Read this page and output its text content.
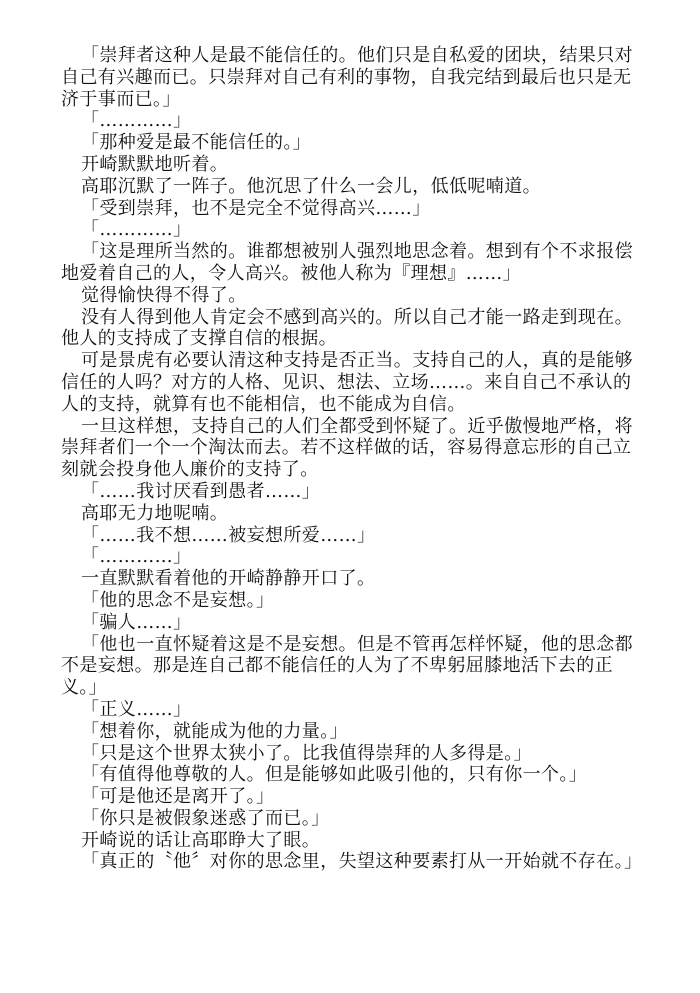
「崇拜者这种人是最不能信任的。他们只是自私爱的团块，结果只对自己有兴趣而已。只崇拜对自己有利的事物，自我完结到最后也只是无济于事而已。」

「…………」

「那种爱是最不能信任的。」

开崎默默地听着。

高耶沉默了一阵子。他沉思了什么一会儿，低低呢喃道。

「受到崇拜，也不是完全不觉得高兴……」

「…………」

「这是理所当然的。谁都想被别人强烈地思念着。想到有个不求报偿地爱着自己的人，令人高兴。被他人称为『理想』……」

觉得愉快得不得了。

没有人得到他人肯定会不感到高兴的。所以自己才能一路走到现在。他人的支持成了支撑自信的根据。

可是景虎有必要认清这种支持是否正当。支持自己的人，真的是能够信任的人吗？对方的人格、见识、想法、立场……。来自自己不承认的人的支持，就算有也不能相信，也不能成为自信。

一旦这样想，支持自己的人们全都受到怀疑了。近乎傲慢地严格，将崇拜者们一个一个淘汰而去。若不这样做的话，容易得意忘形的自己立刻就会投身他人廉价的支持了。

「……我讨厌看到愚者……」

高耶无力地呢喃。

「……我不想……被妄想所爱……」

「…………」

一直默默看着他的开崎静静开口了。

「他的思念不是妄想。」

「骗人……」

「他也一直怀疑着这是不是妄想。但是不管再怎样怀疑，他的思念都不是妄想。那是连自己都不能信任的人为了不卑躬屈膝地活下去的正义。」

「正义……」

「想着你，就能成为他的力量。」

「只是这个世界太狭小了。比我值得崇拜的人多得是。」

「有值得他尊敬的人。但是能够如此吸引他的，只有你一个。」

「可是他还是离开了。」

「你只是被假象迷惑了而已。」

开崎说的话让高耶睁大了眼。

「真正的〝他〞对你的思念里，失望这种要素打从一开始就不存在。」
